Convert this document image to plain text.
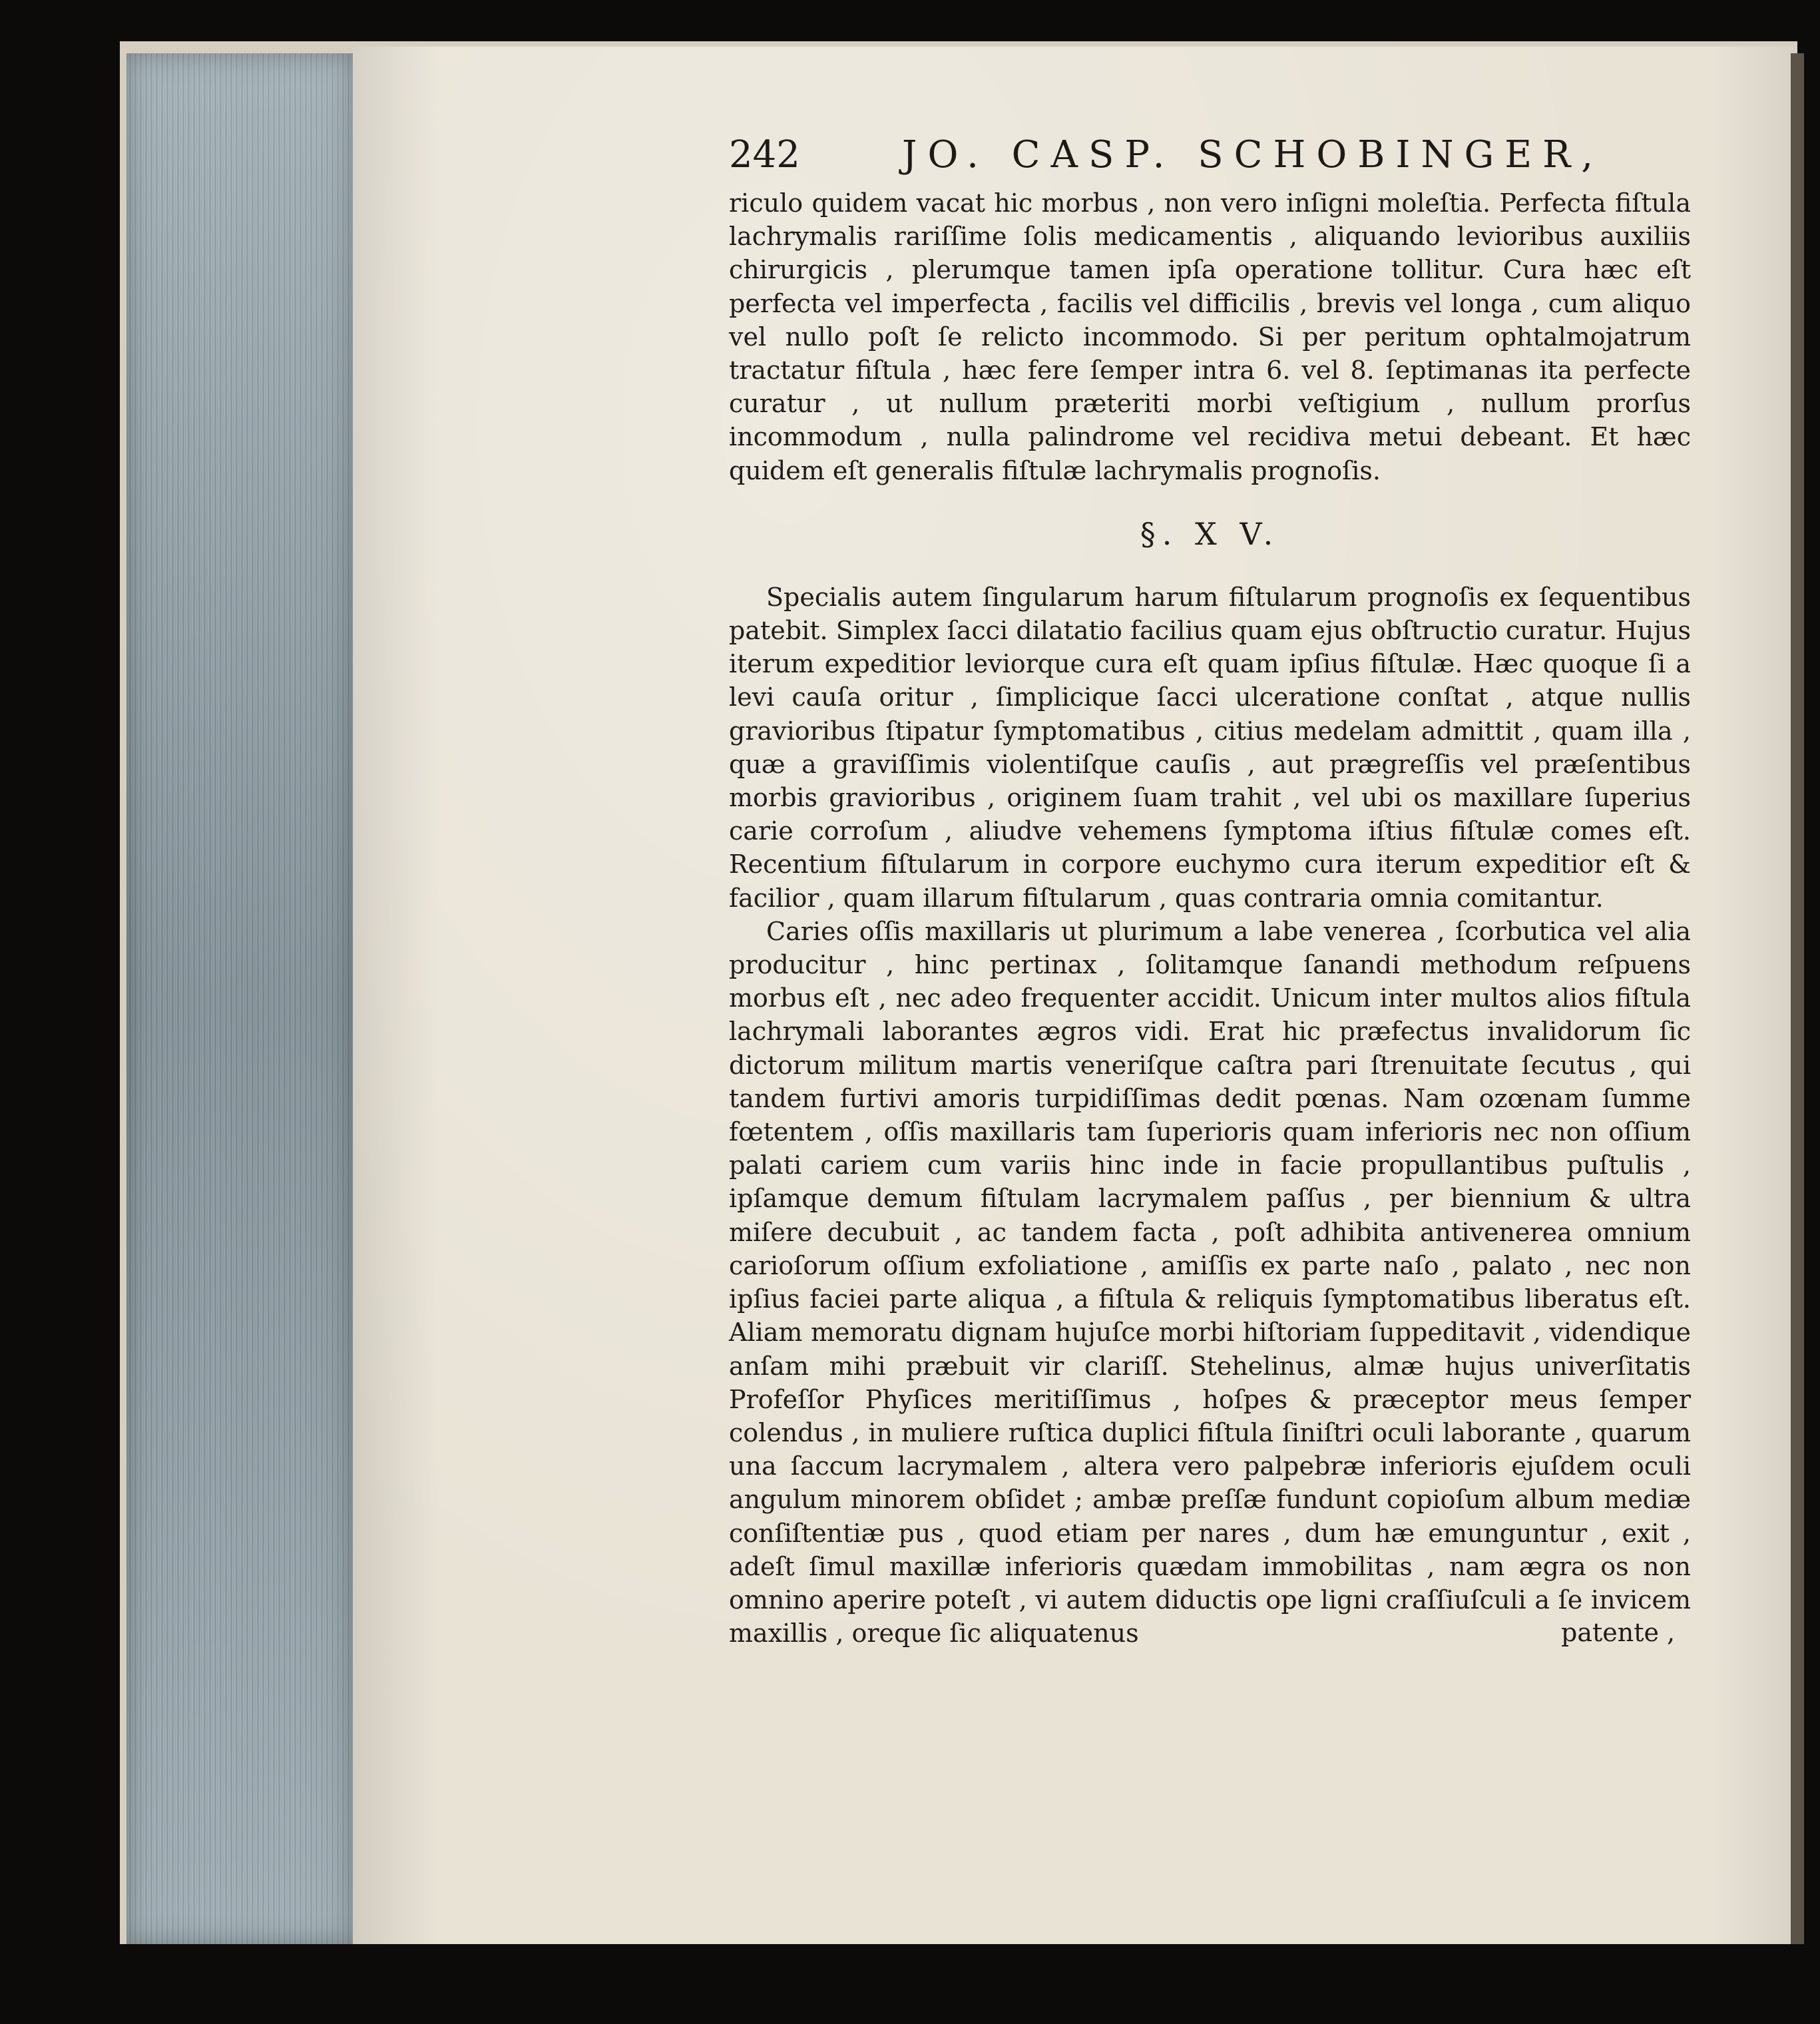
242	JO. CASP. SCHOBINGER,

riculo quidem vacat hic morbus , non vero inſigni moleſtia. Perfecta fiſtula lachrymalis rariſſime ſolis medicamentis , aliquando levioribus auxiliis chirurgicis , plerumque tamen ipſa operatione tollitur. Cura hæc eſt perfecta vel imperfecta , facilis vel difficilis , brevis vel longa , cum aliquo vel nullo poſt ſe relicto incommodo. Si per peritum ophtalmojatrum tractatur fiſtula , hæc fere ſemper intra 6. vel 8. ſeptimanas ita perfecte curatur , ut nullum præteriti morbi veſtigium , nullum prorſus incommodum , nulla palindrome vel recidiva metui debeant. Et hæc quidem eſt generalis fiſtulæ lachrymalis prognoſis.

§. X V.

Specialis autem ſingularum harum fiſtularum prognoſis ex ſequentibus patebit. Simplex ſacci dilatatio facilius quam ejus obſtructio curatur. Hujus iterum expeditior leviorque cura eſt quam ipſius fiſtulæ. Hæc quoque ſi a levi cauſa oritur , ſimplicique ſacci ulceratione conſtat , atque nullis gravioribus ſtipatur ſymptomatibus , citius medelam admittit , quam illa , quæ a graviſſimis violentiſque cauſis , aut prægreſſis vel præſentibus morbis gravioribus , originem ſuam trahit , vel ubi os maxillare ſuperius carie corroſum , aliudve vehemens ſymptoma iſtius fiſtulæ comes eſt. Recentium fiſtularum in corpore euchymo cura iterum expeditior eſt & facilior , quam illarum fiſtularum , quas contraria omnia comitantur.

Caries oſſis maxillaris ut plurimum a labe venerea , ſcorbutica vel alia producitur , hinc pertinax , ſolitamque ſanandi methodum reſpuens morbus eſt , nec adeo frequenter accidit. Unicum inter multos alios fiſtula lachrymali laborantes ægros vidi. Erat hic præfectus invalidorum ſic dictorum militum martis veneriſque caſtra pari ſtrenuitate ſecutus , qui tandem furtivi amoris turpidiſſimas dedit pœnas. Nam ozœnam ſumme fœtentem , oſſis maxillaris tam ſuperioris quam inferioris nec non oſſium palati cariem cum variis hinc inde in facie propullantibus puſtulis , ipſamque demum fiſtulam lacrymalem paſſus , per biennium & ultra miſere decubuit , ac tandem facta , poſt adhibita antivenerea omnium carioſorum oſſium exfoliatione , amiſſis ex parte naſo , palato , nec non ipſius faciei parte aliqua , a fiſtula & reliquis ſymptomatibus liberatus eſt. Aliam memoratu dignam hujuſce morbi hiſtoriam ſuppeditavit , videndique anſam mihi præbuit vir clariſſ. Stehelinus, almæ hujus univerſitatis Profeſſor Phyſices meritiſſimus , hoſpes & præceptor meus ſemper colendus , in muliere ruſtica duplici fiſtula ſiniſtri oculi laborante , quarum una ſaccum lacrymalem , altera vero palpebræ inferioris ejuſdem oculi angulum minorem obſidet ; ambæ preſſæ fundunt copioſum album mediæ conſiſtentiæ pus , quod etiam per nares , dum hæ emunguntur , exit , adeſt ſimul maxillæ inferioris quædam immobilitas , nam ægra os non omnino aperire poteſt , vi autem diductis ope ligni craſſiuſculi a ſe invicem maxillis , oreque ſic aliquatenus	patente ,
